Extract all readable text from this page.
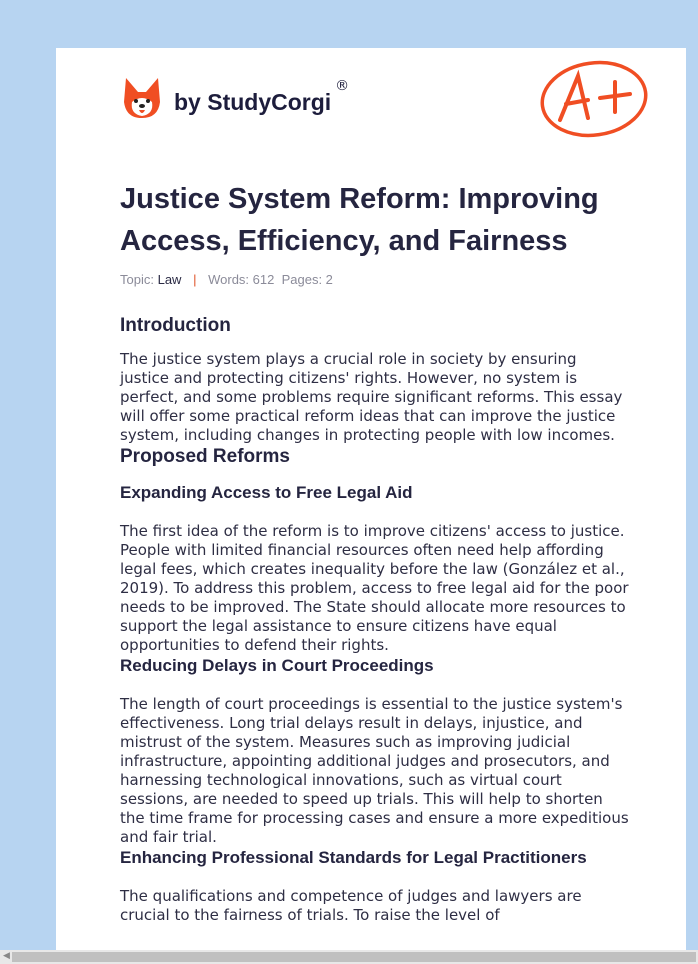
by StudyCorgi
®
Justice System Reform: Improving Access, Efficiency, and Fairness
Topic: Law | Words: 612 Pages: 2
Introduction

The justice system plays a crucial role in society by ensuring justice and protecting citizens' rights. However, no system is perfect, and some problems require significant reforms. This essay will offer some practical reform ideas that can improve the justice system, including changes in protecting people with low incomes.

Proposed Reforms
Expanding Access to Free Legal Aid

The first idea of the reform is to improve citizens' access to justice. People with limited financial resources often need help affording legal fees, which creates inequality before the law (González et al., 2019). To address this problem, access to free legal aid for the poor needs to be improved. The State should allocate more resources to support the legal assistance to ensure citizens have equal opportunities to defend their rights.

Reducing Delays in Court Proceedings

The length of court proceedings is essential to the justice system's effectiveness. Long trial delays result in delays, injustice, and mistrust of the system. Measures such as improving judicial infrastructure, appointing additional judges and prosecutors, and harnessing technological innovations, such as virtual court sessions, are needed to speed up trials. This will help to shorten the time frame for processing cases and ensure a more expeditious and fair trial.

Enhancing Professional Standards for Legal Practitioners

The qualifications and competence of judges and lawyers are crucial to the fairness of trials. To raise the level of

◀
